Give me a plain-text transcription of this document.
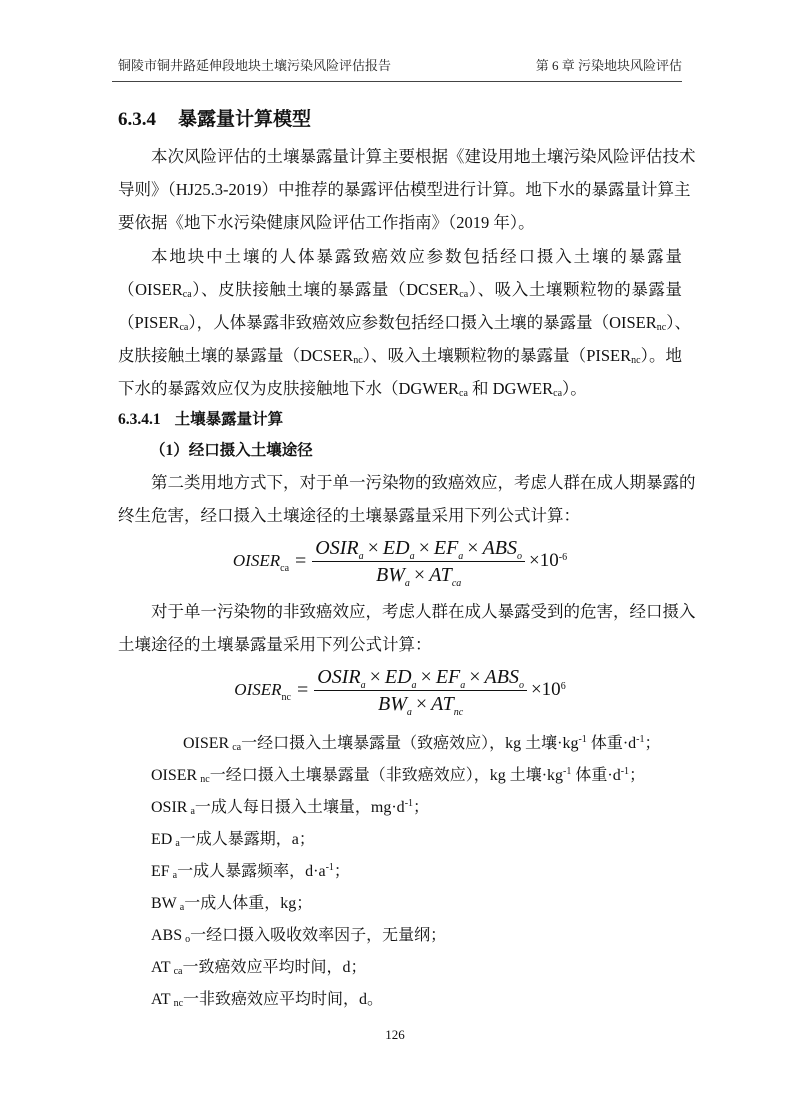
铜陵市铜井路延伸段地块土壤污染风险评估报告	第 6 章 污染地块风险评估
6.3.4 暴露量计算模型
本次风险评估的土壤暴露量计算主要根据《建设用地土壤污染风险评估技术
导则》（HJ25.3-2019）中推荐的暴露评估模型进行计算。地下水的暴露量计算主
要依据《地下水污染健康风险评估工作指南》（2019 年）。
本地块中土壤的人体暴露致癌效应参数包括经口摄入土壤的暴露量
$(OISER_{ca})$、皮肤接触土壤的暴露量$(DCSER_{ca})$、吸入土壤颗粒物的暴露量
$(PISER_{ca})$，人体暴露非致癌效应参数包括经口摄入土壤的暴露量$(OISER_{nc})$、
皮肤接触土壤的暴露量$(DCSER_{nc})$、吸入土壤颗粒物的暴露量$(PISER_{nc})$。地
下水的暴露效应仅为皮肤接触地下水（$DGWER_{ca}$ 和 $DGWER_{ca}$）。
6.3.4.1 土壤暴露量计算
（1）经口摄入土壤途径
第二类用地方式下，对于单一污染物的致癌效应，考虑人群在成人期暴露的
终生危害，经口摄入土壤途径的土壤暴露量采用下列公式计算：
$OISER_{ca} = \frac{OSIR_a \times ED_a \times EF_a \times ABS_o}{BW_a \times AT_{ca}} \times 10^{-6}$
对于单一污染物的非致癌效应，考虑人群在成人暴露受到的危害，经口摄入
土壤途径的土壤暴露量采用下列公式计算：
$OISER_{nc} = \frac{OSIR_a \times ED_a \times EF_a \times ABS_o}{BW_a \times AT_{nc}} \times 10^6$
OISER $_{ca}$一经口摄入土壤暴露量（致癌效应），kg 土壤$\cdot kg^{-1}$ 体重$\cdot d^{-1}$；
OISER $_{nc}$一经口摄入土壤暴露量（非致癌效应），kg 土壤$\cdot kg^{-1}$ 体重$\cdot d^{-1}$；
OSIR $_a$一成人每日摄入土壤量，$mg\cdot d^{-1}$；
ED $_a$一成人暴露期，a；
EF $_a$一成人暴露频率，$d\cdot a^{-1}$；
BW $_a$一成人体重，kg；
ABS $_o$一经口摄入吸收效率因子，无量纲；
AT $_{ca}$一致癌效应平均时间，d；
AT $_{nc}$一非致癌效应平均时间，d。
126
